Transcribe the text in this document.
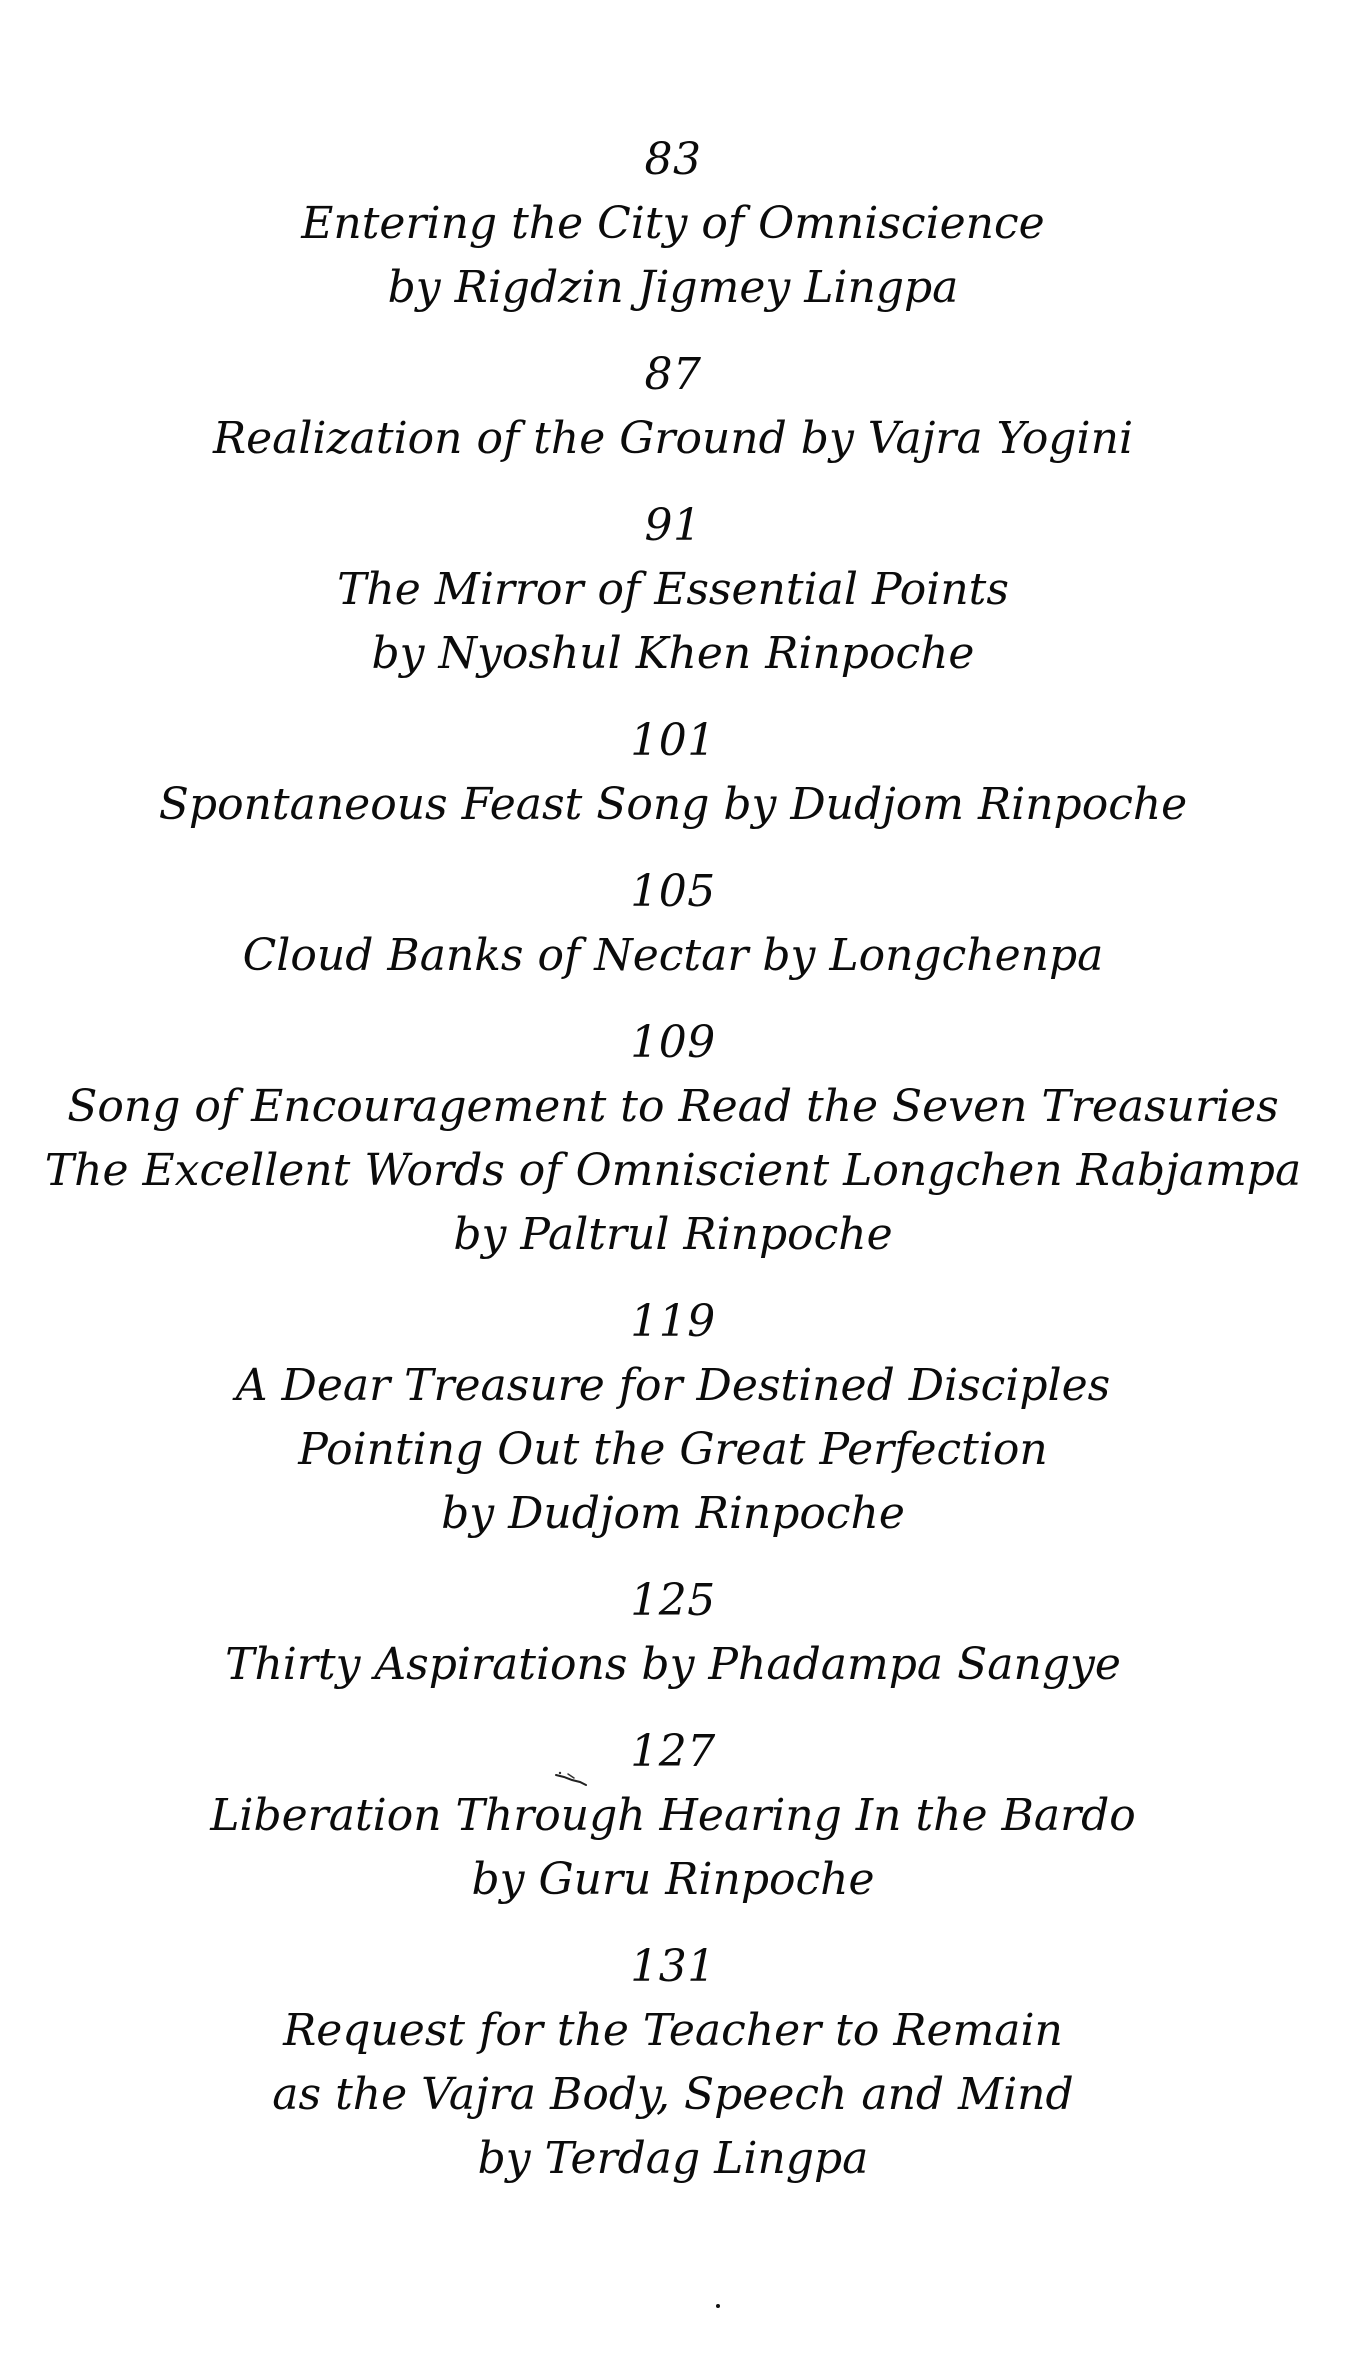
83
Entering the City of Omniscience
by Rigdzin Jigmey Lingpa
87
Realization of the Ground by Vajra Yogini
91
The Mirror of Essential Points
by Nyoshul Khen Rinpoche
101
Spontaneous Feast Song by Dudjom Rinpoche
105
Cloud Banks of Nectar by Longchenpa
109
Song of Encouragement to Read the Seven Treasuries
The Excellent Words of Omniscient Longchen Rabjampa
by Paltrul Rinpoche
119
A Dear Treasure for Destined Disciples
Pointing Out the Great Perfection
by Dudjom Rinpoche
125
Thirty Aspirations by Phadampa Sangye
127
Liberation Through Hearing In the Bardo
by Guru Rinpoche
131
Request for the Teacher to Remain
as the Vajra Body, Speech and Mind
by Terdag Lingpa
